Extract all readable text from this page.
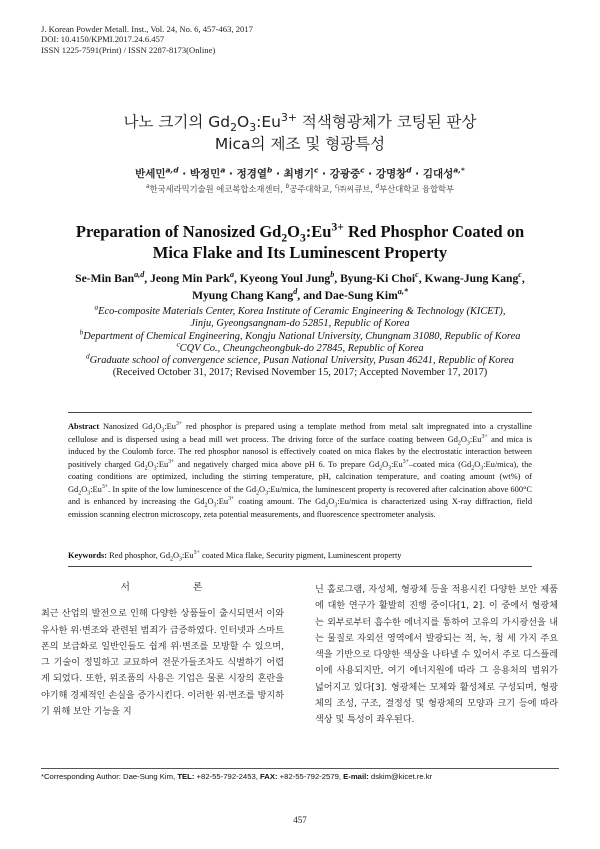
J. Korean Powder Metall. Inst., Vol. 24, No. 6, 457-463, 2017
DOI: 10.4150/KPMI.2017.24.6.457
ISSN 1225-7591(Print) / ISSN 2287-8173(Online)
나노 크기의 $Gd_2O_3:Eu^{3+}$ 적색형광체가 코팅된 판상
Mica의 제조 및 형광특성
반세민$^{a,d}$ · 박정민$^a$ · 정경열$^b$ · 최병기$^c$ · 강광중$^c$ · 강명창$^d$ · 김대성$^{a,*}$
$^a$한국세라믹기술원 에코복합소재센터, $^b$공주대학교, $^c$㈜씨큐브, $^d$부산대학교 융합학부
Preparation of Nanosized $Gd_2O_3:Eu^{3+}$ Red Phosphor Coated on
Mica Flake and Its Luminescent Property
Se-Min Ban$^{a,d}$, Jeong Min Park$^a$, Kyeong Youl Jung$^b$, Byung-Ki Choi$^c$, Kwang-Jung Kang$^c$,
Myung Chang Kang$^d$, and Dae-Sung Kim$^{a,*}$
$^a$Eco-composite Materials Center, Korea Institute of Ceramic Engineering & Technology (KICET),
Jinju, Gyeongsangnam-do 52851, Republic of Korea
$^b$Department of Chemical Engineering, Kongju National University, Chungnam 31080, Republic of Korea
$^c$CQV Co., Cheungcheongbuk-do 27845, Republic of Korea
$^d$Graduate school of convergence science, Pusan National University, Pusan 46241, Republic of Korea
(Received October 31, 2017; Revised November 15, 2017; Accepted November 17, 2017)
Abstract Nanosized $Gd_2O_3:Eu^{3+}$ red phosphor is prepared using a template method from metal salt impregnated into a crystalline cellulose and is dispersed using a bead mill wet process. The driving force of the surface coating between $Gd_2O_3:Eu^{3+}$ and mica is induced by the Coulomb force. The red phosphor nanosol is effectively coated on mica flakes by the electrostatic interaction between positively charged $Gd_2O_3:Eu^{3+}$ and negatively charged mica above pH 6. To prepare $Gd_2O_3:Eu^{3+}$–coated mica $(Gd_2O_3:Eu/mica)$, the coating conditions are optimized, including the stirring temperature, pH, calcination temperature, and coating amount (wt%) of $Gd_2O_3:Eu^{3+}$. In spite of the low luminescence of the $Gd_2O_3:Eu$/mica, the luminescent property is recovered after calcination above 600°C and is enhanced by increasing the $Gd_2O_3:Eu^{3+}$ coating amount. The $Gd_2O_3:Eu$/mica is characterized using X-ray diffraction, field emission scanning electron microscopy, zeta potential measurements, and fluorescence spectrometer analysis.
Keywords: Red phosphor, $Gd_2O_3:Eu^{3+}$ coated Mica flake, Security pigment, Luminescent property
서 론
최근 산업의 발전으로 인해 다양한 상품들이 출시되면서 이와 유사한 위·변조와 관련된 범죄가 급증하였다. 인터넷과 스마트폰의 보급화로 일반인들도 쉽게 위·변조를 모방할 수 있으며, 그 기술이 정밀하고 교묘하여 전문가들조차도 식별하기 어렵게 되었다. 또한, 위조품의 사용은 기업은 물론 시장의 혼란을 야기해 경제적인 손실을 증가시킨다. 이러한 위·변조를 방지하기 위해 보안 기능을 지
닌 홀로그램, 자성체, 형광체 등을 적용시킨 다양한 보안 제품에 대한 연구가 활발히 진행 중이다[1, 2]. 이 중에서 형광체는 외부로부터 흡수한 에너지를 통하여 고유의 가시광선을 내는 물질로 자외선 영역에서 발광되는 적, 녹, 청 세 가지 주요색을 기반으로 다양한 색상을 나타낼 수 있어서 주로 디스플레이에 사용되지만, 여기 에너지원에 따라 그 응용처의 범위가 넓어지고 있다[3]. 형광체는 모체와 활성체로 구성되며, 형광체의 조성, 구조, 결정성 및 형광체의 모양과 크기 등에 따라 색상 및 특성이 좌우된다.
*Corresponding Author: Dae-Sung Kim, TEL: +82-55-792-2453, FAX: +82-55-792-2579, E-mail: dskim@kicet.re.kr
457
